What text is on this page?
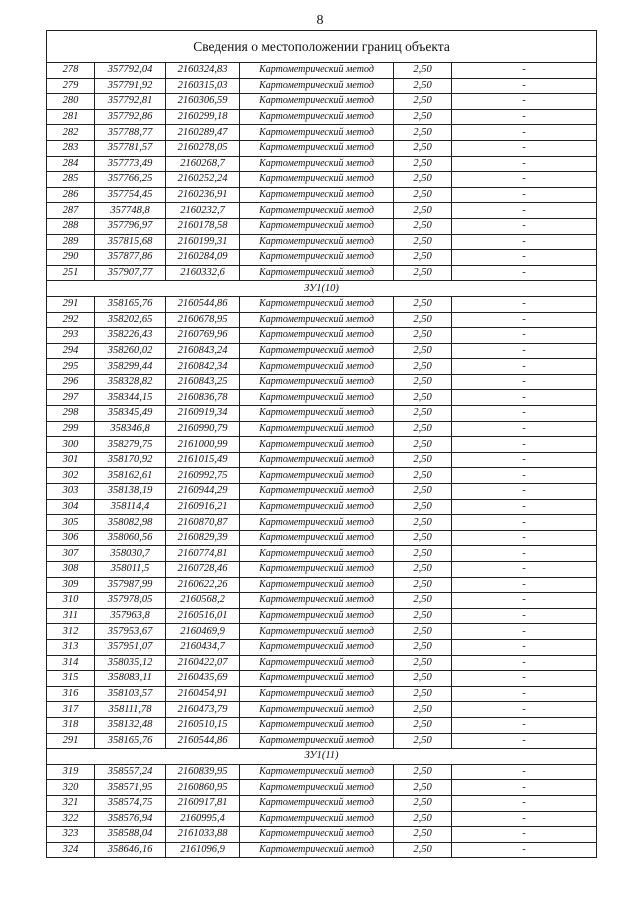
8
Сведения о местоположении границ объекта					
278	357792,04	2160324,83	Картометрический метод	2,50	-
279	357791,92	2160315,03	Картометрический метод	2,50	-
280	357792,81	2160306,59	Картометрический метод	2,50	-
281	357792,86	2160299,18	Картометрический метод	2,50	-
282	357788,77	2160289,47	Картометрический метод	2,50	-
283	357781,57	2160278,05	Картометрический метод	2,50	-
284	357773,49	2160268,7	Картометрический метод	2,50	-
285	357766,25	2160252,24	Картометрический метод	2,50	-
286	357754,45	2160236,91	Картометрический метод	2,50	-
287	357748,8	2160232,7	Картометрический метод	2,50	-
288	357796,97	2160178,58	Картометрический метод	2,50	-
289	357815,68	2160199,31	Картометрический метод	2,50	-
290	357877,86	2160284,09	Картометрический метод	2,50	-
251	357907,77	2160332,6	Картометрический метод	2,50	-
ЗУ1(10)					
291	358165,76	2160544,86	Картометрический метод	2,50	-
292	358202,65	2160678,95	Картометрический метод	2,50	-
293	358226,43	2160769,96	Картометрический метод	2,50	-
294	358260,02	2160843,24	Картометрический метод	2,50	-
295	358299,44	2160842,34	Картометрический метод	2,50	-
296	358328,82	2160843,25	Картометрический метод	2,50	-
297	358344,15	2160836,78	Картометрический метод	2,50	-
298	358345,49	2160919,34	Картометрический метод	2,50	-
299	358346,8	2160990,79	Картометрический метод	2,50	-
300	358279,75	2161000,99	Картометрический метод	2,50	-
301	358170,92	2161015,49	Картометрический метод	2,50	-
302	358162,61	2160992,75	Картометрический метод	2,50	-
303	358138,19	2160944,29	Картометрический метод	2,50	-
304	358114,4	2160916,21	Картометрический метод	2,50	-
305	358082,98	2160870,87	Картометрический метод	2,50	-
306	358060,56	2160829,39	Картометрический метод	2,50	-
307	358030,7	2160774,81	Картометрический метод	2,50	-
308	358011,5	2160728,46	Картометрический метод	2,50	-
309	357987,99	2160622,26	Картометрический метод	2,50	-
310	357978,05	2160568,2	Картометрический метод	2,50	-
311	357963,8	2160516,01	Картометрический метод	2,50	-
312	357953,67	2160469,9	Картометрический метод	2,50	-
313	357951,07	2160434,7	Картометрический метод	2,50	-
314	358035,12	2160422,07	Картометрический метод	2,50	-
315	358083,11	2160435,69	Картометрический метод	2,50	-
316	358103,57	2160454,91	Картометрический метод	2,50	-
317	358111,78	2160473,79	Картометрический метод	2,50	-
318	358132,48	2160510,15	Картометрический метод	2,50	-
291	358165,76	2160544,86	Картометрический метод	2,50	-
ЗУ1(11)					
319	358557,24	2160839,95	Картометрический метод	2,50	-
320	358571,95	2160860,95	Картометрический метод	2,50	-
321	358574,75	2160917,81	Картометрический метод	2,50	-
322	358576,94	2160995,4	Картометрический метод	2,50	-
323	358588,04	2161033,88	Картометрический метод	2,50	-
324	358646,16	2161096,9	Картометрический метод	2,50	-
